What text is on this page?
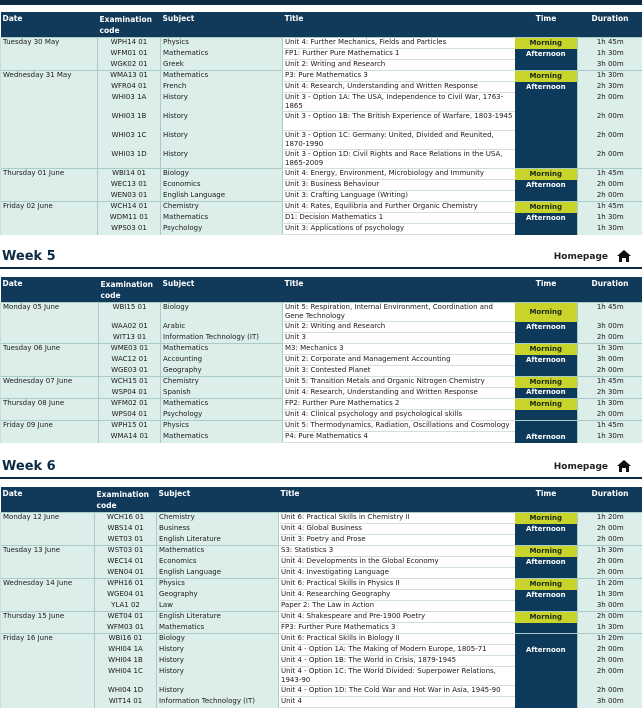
Date	Examination code	Subject	Title	Time	Duration
Tuesday 30 May	WPH14 01	Physics	Unit 4: Further Mechanics, Fields and Particles	Morning	1h 45m
	WFM01 01	Mathematics	FP1: Further Pure Mathematics 1	Afternoon	1h 30m
	WGK02 01	Greek	Unit 2: Writing and Research		3h 00m
Wednesday 31 May	WMA13 01	Mathematics	P3: Pure Mathematics 3	Morning	1h 30m
	WFR04 01	French	Unit 4: Research, Understanding and Written Response	Afternoon	2h 30m
	WHI03 1A	History	Unit 3 - Option 1A: The USA, Independence to Civil War, 1763-1865		2h 00m
	WHI03 1B	History	Unit 3 - Option 1B: The British Experience of Warfare, 1803-1945		2h 00m
	WHI03 1C	History	Unit 3 - Option 1C: Germany: United, Divided and Reunited, 1870-1990		2h 00m
	WHI03 1D	History	Unit 3 - Option 1D: Civil Rights and Race Relations in the USA, 1865-2009		2h 00m
Thursday 01 June	WBI14 01	Biology	Unit 4: Energy, Environment, Microbiology and Immunity	Morning	1h 45m
	WEC13 01	Economics	Unit 3: Business Behaviour	Afternoon	2h 00m
	WEN03 01	English Language	Unit 3: Crafting Language (Writing)		2h 00m
Friday 02 June	WCH14 01	Chemistry	Unit 4: Rates, Equilibria and Further Organic Chemistry	Morning	1h 45m
	WDM11 01	Mathematics	D1: Decision Mathematics 1	Afternoon	1h 30m
	WPS03 01	Psychology	Unit 3: Applications of psychology		1h 30m
Week 5	Homepage
Date	Examination code	Subject	Title	Time	Duration
Monday 05 June	WBI15 01	Biology	Unit 5: Respiration, Internal Environment, Coordination and Gene Technology	Morning	1h 45m
	WAA02 01	Arabic	Unit 2: Writing and Research	Afternoon	3h 00m
	WIT13 01	Information Technology (IT)	Unit 3		2h 00m
Tuesday 06 June	WME03 01	Mathematics	M3: Mechanics 3	Morning	1h 30m
	WAC12 01	Accounting	Unit 2: Corporate and Management Accounting	Afternoon	3h 00m
	WGE03 01	Geography	Unit 3: Contested Planet		2h 00m
Wednesday 07 June	WCH15 01	Chemistry	Unit 5: Transition Metals and Organic Nitrogen Chemistry	Morning	1h 45m
	WSP04 01	Spanish	Unit 4: Research, Understanding and Written Response	Afternoon	2h 30m
Thursday 08 June	WFM02 01	Mathematics	FP2: Further Pure Mathematics 2	Morning	1h 30m
	WPS04 01	Psychology	Unit 4: Clinical psychology and psychological skills		2h 00m
Friday 09 June	WPH15 01	Physics	Unit 5: Thermodynamics, Radiation, Oscillations and Cosmology		1h 45m
	WMA14 01	Mathematics	P4: Pure Mathematics 4	Afternoon	1h 30m
Week 6	Homepage
Date	Examination code	Subject	Title	Time	Duration
Monday 12 June	WCH16 01	Chemistry	Unit 6: Practical Skills in Chemistry II	Morning	1h 20m
	WBS14 01	Business	Unit 4: Global Business	Afternoon	2h 00m
	WET03 01	English Literature	Unit 3: Poetry and Prose		2h 00m
Tuesday 13 June	WST03 01	Mathematics	S3: Statistics 3	Morning	1h 30m
	WEC14 01	Economics	Unit 4: Developments in the Global Economy	Afternoon	2h 00m
	WEN04 01	English Language	Unit 4: Investigating Language		2h 00m
Wednesday 14 June	WPH16 01	Physics	Unit 6: Practical Skills in Physics II	Morning	1h 20m
	WGE04 01	Geography	Unit 4: Researching Geography	Afternoon	1h 30m
	YLA1 02	Law	Paper 2: The Law in Action		3h 00m
Thursday 15 June	WET04 01	English Literature	Unit 4: Shakespeare and Pre-1900 Poetry	Morning	2h 00m
	WFM03 01	Mathematics	FP3: Further Pure Mathematics 3		1h 30m
Friday 16 June	WBI16 01	Biology	Unit 6: Practical Skills in Biology II		1h 20m
	WHI04 1A	History	Unit 4 - Option 1A: The Making of Modern Europe, 1805-71	Afternoon	2h 00m
	WHI04 1B	History	Unit 4 - Option 1B: The World in Crisis, 1879-1945		2h 00m
	WHI04 1C	History	Unit 4 - Option 1C: The World Divided: Superpower Relations, 1943-90		2h 00m
	WHI04 1D	History	Unit 4 - Option 1D: The Cold War and Hot War in Asia, 1945-90		2h 00m
	WIT14 01	Information Technology (IT)	Unit 4		3h 00m
